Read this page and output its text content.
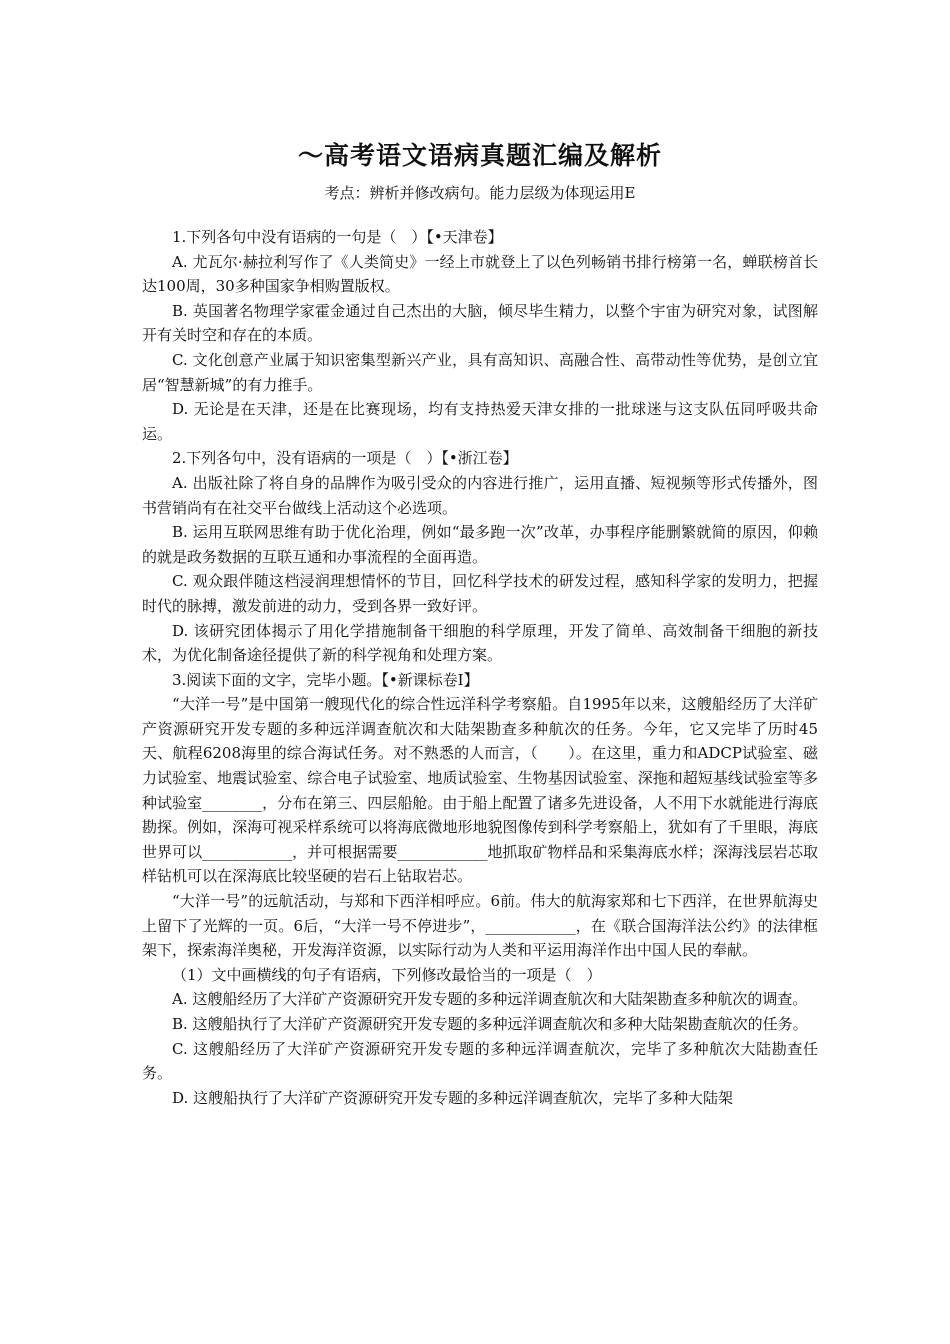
～高考语文语病真题汇编及解析
考点：辨析并修改病句。能力层级为体现运用E

1.下列各句中没有语病的一句是（　）【•天津卷】

A. 尤瓦尔·赫拉利写作了《人类简史》一经上市就登上了以色列畅销书排行榜第一名，蝉联榜首长达100周，30多种国家争相购置版权。

B. 英国著名物理学家霍金通过自己杰出的大脑，倾尽毕生精力，以整个宇宙为研究对象，试图解开有关时空和存在的本质。

C. 文化创意产业属于知识密集型新兴产业，具有高知识、高融合性、高带动性等优势，是创立宜居“智慧新城”的有力推手。

D. 无论是在天津，还是在比赛现场，均有支持热爱天津女排的一批球迷与这支队伍同呼吸共命运。

2.下列各句中，没有语病的一项是（　）【•浙江卷】

A. 出版社除了将自身的品牌作为吸引受众的内容进行推广，运用直播、短视频等形式传播外，图书营销尚有在社交平台做线上活动这个必选项。

B. 运用互联网思维有助于优化治理，例如“最多跑一次”改革，办事程序能删繁就简的原因，仰赖的就是政务数据的互联互通和办事流程的全面再造。

C. 观众跟伴随这档浸润理想情怀的节目，回忆科学技术的研发过程，感知科学家的发明力，把握时代的脉搏，激发前进的动力，受到各界一致好评。

D. 该研究团体揭示了用化学措施制备干细胞的科学原理，开发了简单、高效制备干细胞的新技术，为优化制备途径提供了新的科学视角和处理方案。

3.阅读下面的文字，完毕小题。【•新课标卷Ⅰ】

“大洋一号”是中国第一艘现代化的综合性远洋科学考察船。自1995年以来，这艘船经历了大洋矿产资源研究开发专题的多种远洋调查航次和大陆架勘查多种航次的任务。今年，它又完毕了历时45天、航程6208海里的综合海试任务。对不熟悉的人而言，（　　）。在这里，重力和ADCP试验室、磁力试验室、地震试验室、综合电子试验室、地质试验室、生物基因试验室、深拖和超短基线试验室等多种试验室________，分布在第三、四层船舱。由于船上配置了诸多先进设备，人不用下水就能进行海底勘探。例如，深海可视采样系统可以将海底微地形地貌图像传到科学考察船上，犹如有了千里眼，海底世界可以____________，并可根据需要____________地抓取矿物样品和采集海底水样；深海浅层岩芯取样钻机可以在深海底比较坚硬的岩石上钻取岩芯。

“大洋一号”的远航活动，与郑和下西洋相呼应。6前。伟大的航海家郑和七下西洋，在世界航海史上留下了光辉的一页。6后，“大洋一号不停进步”，____________，在《联合国海洋法公约》的法律框架下，探索海洋奥秘，开发海洋资源，以实际行动为人类和平运用海洋作出中国人民的奉献。

（1）文中画横线的句子有语病，下列修改最恰当的一项是（　）

A. 这艘船经历了大洋矿产资源研究开发专题的多种远洋调查航次和大陆架勘查多种航次的调查。

B. 这艘船执行了大洋矿产资源研究开发专题的多种远洋调查航次和多种大陆架勘查航次的任务。

C. 这艘船经历了大洋矿产资源研究开发专题的多种远洋调查航次，完毕了多种航次大陆勘查任务。

D. 这艘船执行了大洋矿产资源研究开发专题的多种远洋调查航次，完毕了多种大陆架
